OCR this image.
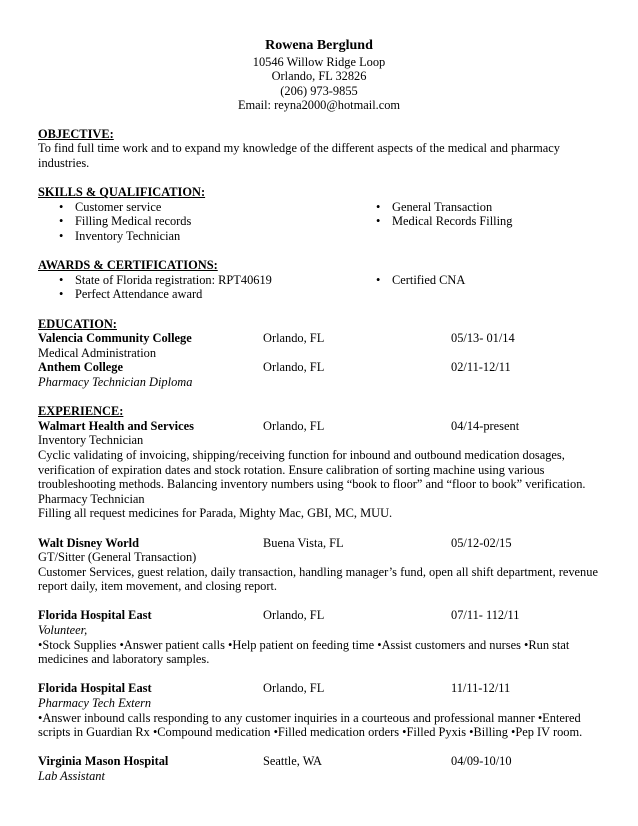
Rowena Berglund
10546 Willow Ridge Loop
Orlando, FL 32826
(206) 973-9855
Email: reyna2000@hotmail.com
OBJECTIVE:

To find full time work and to expand my knowledge of the different aspects of the medical and pharmacy industries.

SKILLS & QUALIFICATION:
• Customer service
• Filling Medical records
• Inventory Technician
• General Transaction
• Medical Records Filling
AWARDS & CERTIFICATIONS:
• State of Florida registration: RPT40619
• Perfect Attendance award
• Certified CNA
EDUCATION:
Valencia Community College	Orlando, FL	05/13- 01/14
Medical Administration
Anthem College	Orlando, FL	02/11-12/11
Pharmacy Technician Diploma
EXPERIENCE:
Walmart Health and Services	Orlando, FL	04/14-present
Inventory Technician

Cyclic validating of invoicing, shipping/receiving function for inbound and outbound medication dosages, verification of expiration dates and stock rotation. Ensure calibration of sorting machine using various troubleshooting methods. Balancing inventory numbers using “book to floor” and “floor to book” verification.

Pharmacy Technician

Filling all request medicines for Parada, Mighty Mac, GBI, MC, MUU.

Walt Disney World	Buena Vista, FL	05/12-02/15
GT/Sitter (General Transaction)

Customer Services, guest relation, daily transaction, handling manager’s fund, open all shift department, revenue report daily, item movement, and closing report.

Florida Hospital East	Orlando, FL	07/11- 112/11
Volunteer,

•Stock Supplies •Answer patient calls •Help patient on feeding time •Assist customers and nurses •Run stat medicines and laboratory samples.

Florida Hospital East	Orlando, FL	11/11-12/11
Pharmacy Tech Extern

•Answer inbound calls responding to any customer inquiries in a courteous and professional manner •Entered scripts in Guardian Rx •Compound medication •Filled medication orders •Filled Pyxis •Billing •Pep IV room.

Virginia Mason Hospital	Seattle, WA	04/09-10/10
Lab Assistant
